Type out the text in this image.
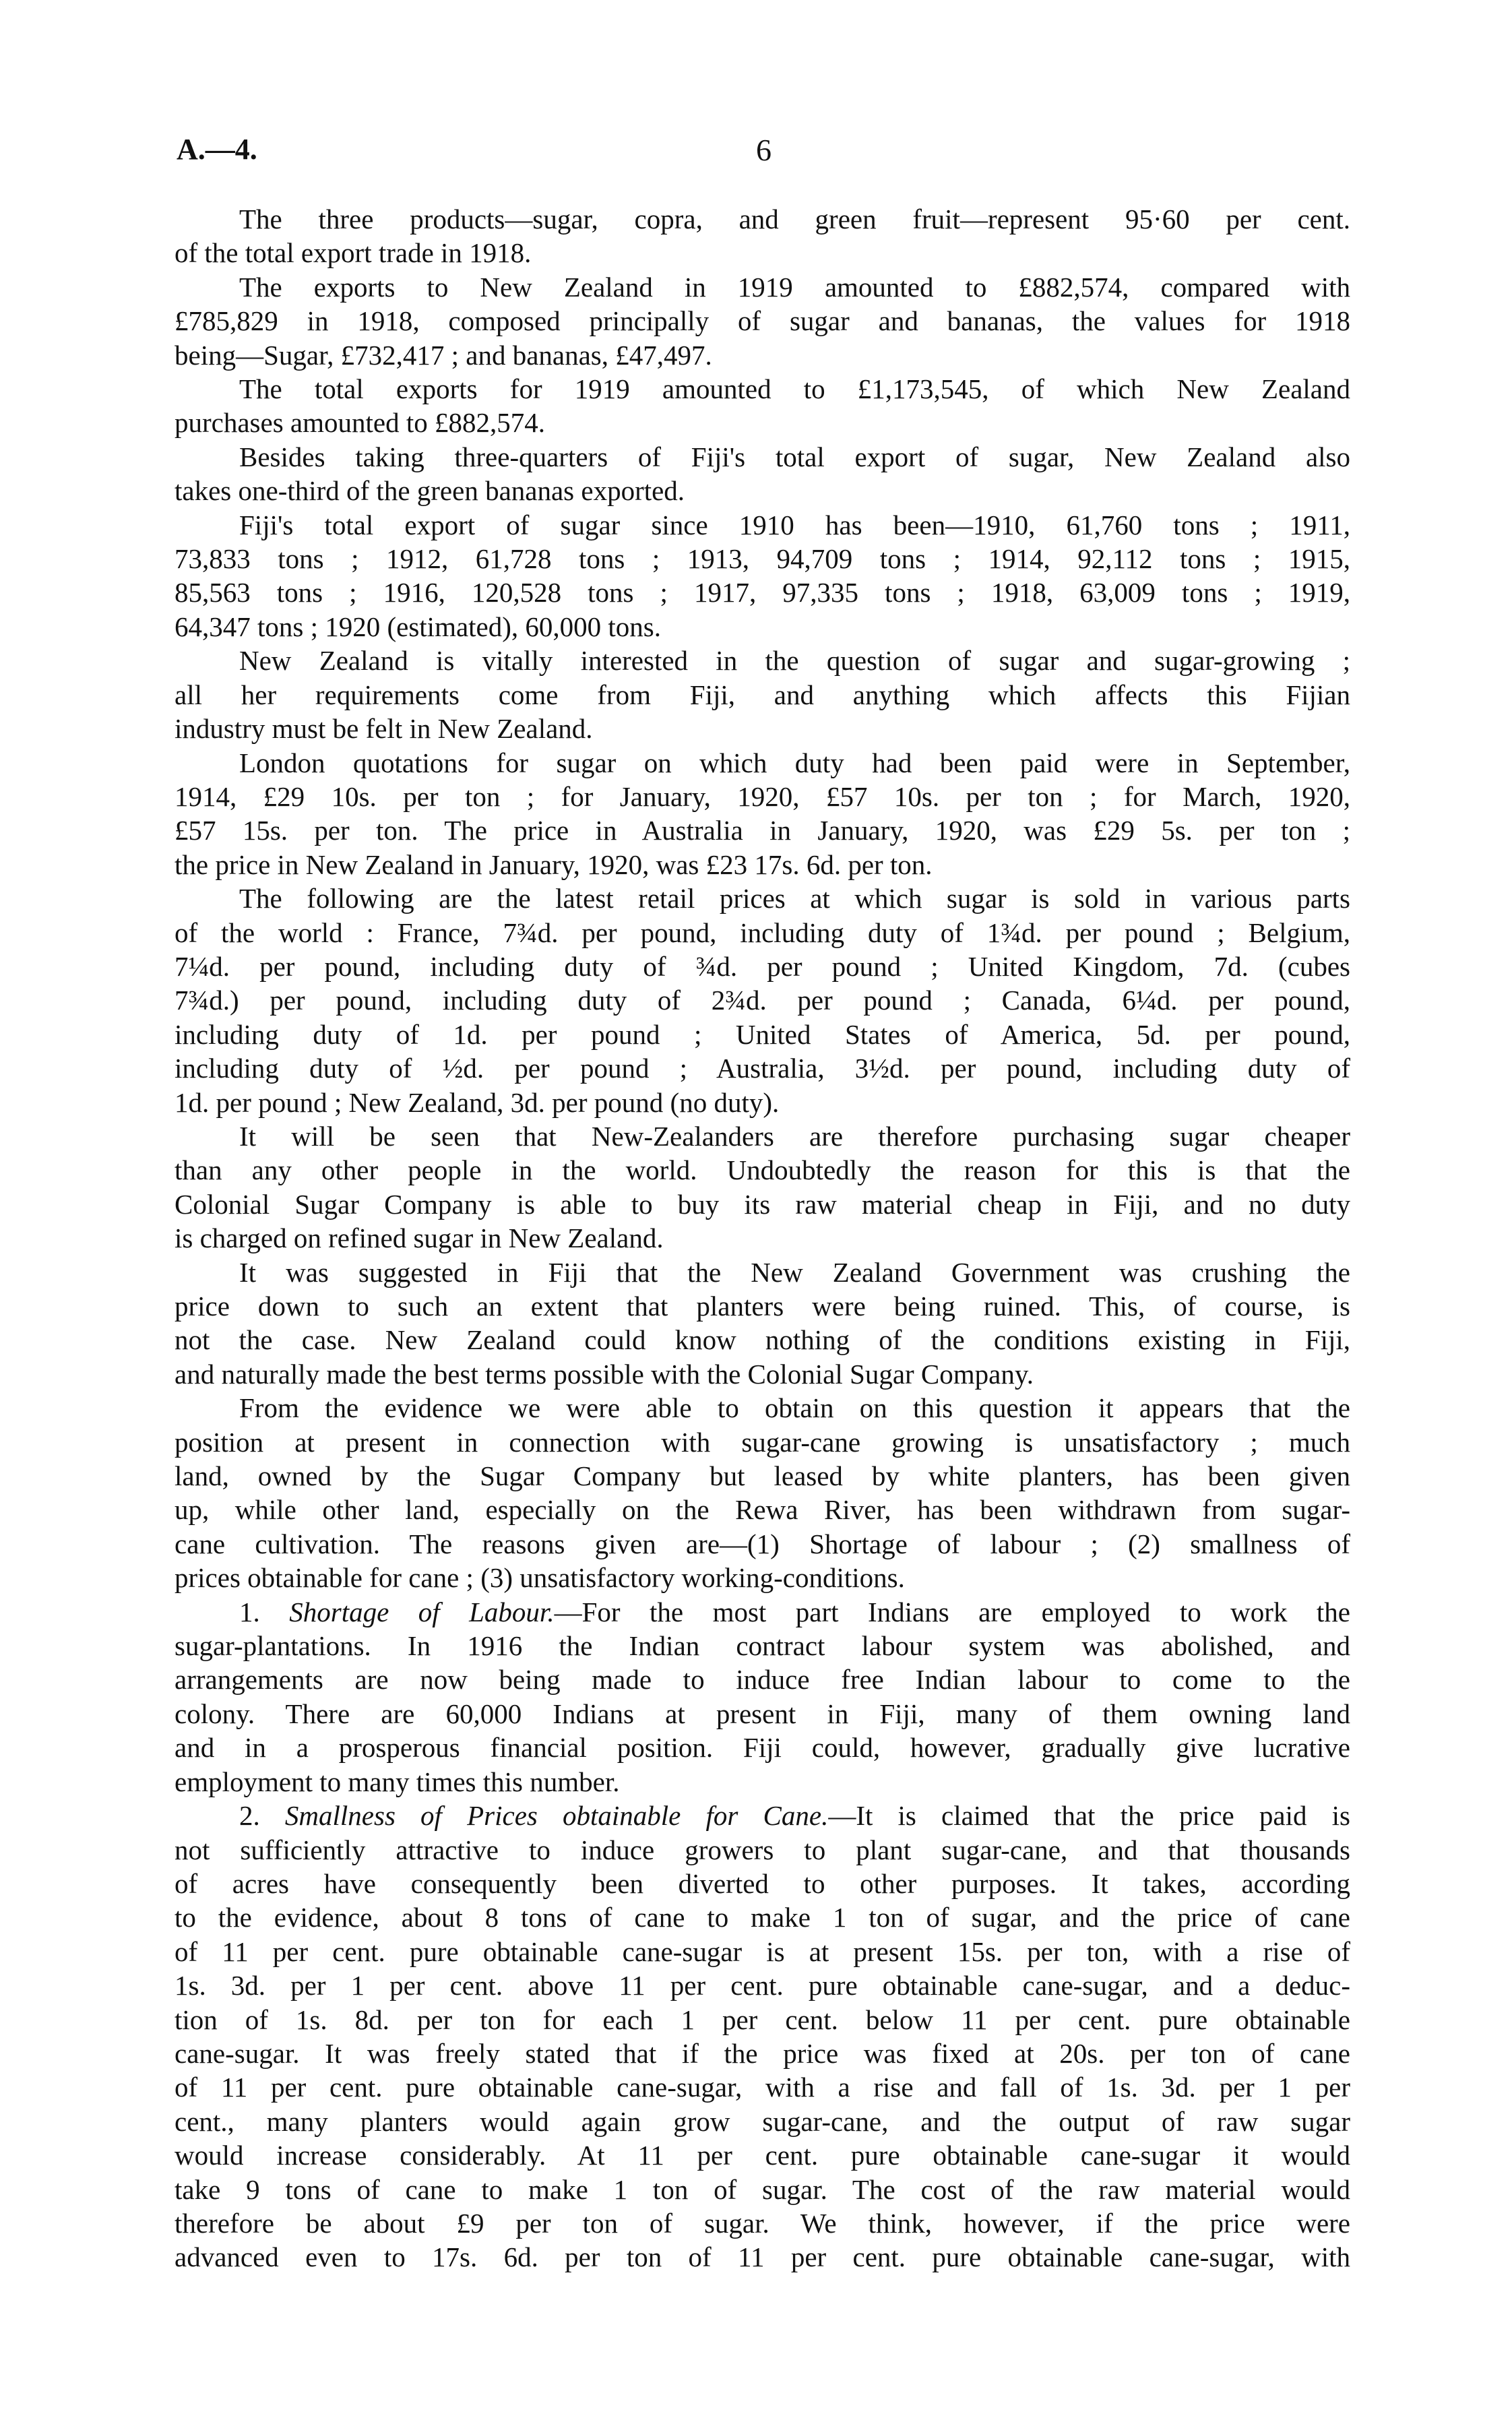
A.—4.	6
The three products—sugar, copra, and green fruit—represent 95·60 per cent.
of the total export trade in 1918.
The exports to New Zealand in 1919 amounted to £882,574, compared with
£785,829 in 1918, composed principally of sugar and bananas, the values for 1918
being—Sugar, £732,417 ; and bananas, £47,497.
The total exports for 1919 amounted to £1,173,545, of which New Zealand
purchases amounted to £882,574.
Besides taking three-quarters of Fiji's total export of sugar, New Zealand also
takes one-third of the green bananas exported.
Fiji's total export of sugar since 1910 has been—1910, 61,760 tons ; 1911,
73,833 tons ; 1912, 61,728 tons ; 1913, 94,709 tons ; 1914, 92,112 tons ; 1915,
85,563 tons ; 1916, 120,528 tons ; 1917, 97,335 tons ; 1918, 63,009 tons ; 1919,
64,347 tons ; 1920 (estimated), 60,000 tons.
New Zealand is vitally interested in the question of sugar and sugar-growing ;
all her requirements come from Fiji, and anything which affects this Fijian
industry must be felt in New Zealand.
London quotations for sugar on which duty had been paid were in September,
1914, £29 10s. per ton ; for January, 1920, £57 10s. per ton ; for March, 1920,
£57 15s. per ton. The price in Australia in January, 1920, was £29 5s. per ton ;
the price in New Zealand in January, 1920, was £23 17s. 6d. per ton.
The following are the latest retail prices at which sugar is sold in various parts
of the world : France, 7¾d. per pound, including duty of 1¾d. per pound ; Belgium,
7¼d. per pound, including duty of ¾d. per pound ; United Kingdom, 7d. (cubes
7¾d.) per pound, including duty of 2¾d. per pound ; Canada, 6¼d. per pound,
including duty of 1d. per pound ; United States of America, 5d. per pound,
including duty of ½d. per pound ; Australia, 3½d. per pound, including duty of
1d. per pound ; New Zealand, 3d. per pound (no duty).
It will be seen that New-Zealanders are therefore purchasing sugar cheaper
than any other people in the world. Undoubtedly the reason for this is that the
Colonial Sugar Company is able to buy its raw material cheap in Fiji, and no duty
is charged on refined sugar in New Zealand.
It was suggested in Fiji that the New Zealand Government was crushing the
price down to such an extent that planters were being ruined. This, of course, is
not the case. New Zealand could know nothing of the conditions existing in Fiji,
and naturally made the best terms possible with the Colonial Sugar Company.
From the evidence we were able to obtain on this question it appears that the
position at present in connection with sugar-cane growing is unsatisfactory ; much
land, owned by the Sugar Company but leased by white planters, has been given
up, while other land, especially on the Rewa River, has been withdrawn from sugar-
cane cultivation. The reasons given are—(1) Shortage of labour ; (2) smallness of
prices obtainable for cane ; (3) unsatisfactory working-conditions.
1. Shortage of Labour.—For the most part Indians are employed to work the
sugar-plantations. In 1916 the Indian contract labour system was abolished, and
arrangements are now being made to induce free Indian labour to come to the
colony. There are 60,000 Indians at present in Fiji, many of them owning land
and in a prosperous financial position. Fiji could, however, gradually give lucrative
employment to many times this number.
2. Smallness of Prices obtainable for Cane.—It is claimed that the price paid is
not sufficiently attractive to induce growers to plant sugar-cane, and that thousands
of acres have consequently been diverted to other purposes. It takes, according
to the evidence, about 8 tons of cane to make 1 ton of sugar, and the price of cane
of 11 per cent. pure obtainable cane-sugar is at present 15s. per ton, with a rise of
1s. 3d. per 1 per cent. above 11 per cent. pure obtainable cane-sugar, and a deduc-
tion of 1s. 8d. per ton for each 1 per cent. below 11 per cent. pure obtainable
cane-sugar. It was freely stated that if the price was fixed at 20s. per ton of cane
of 11 per cent. pure obtainable cane-sugar, with a rise and fall of 1s. 3d. per 1 per
cent., many planters would again grow sugar-cane, and the output of raw sugar
would increase considerably. At 11 per cent. pure obtainable cane-sugar it would
take 9 tons of cane to make 1 ton of sugar. The cost of the raw material would
therefore be about £9 per ton of sugar. We think, however, if the price were
advanced even to 17s. 6d. per ton of 11 per cent. pure obtainable cane-sugar, with
